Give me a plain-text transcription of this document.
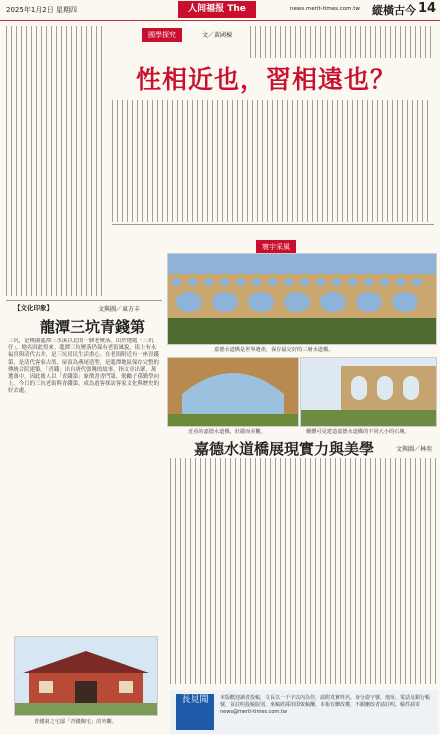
2025年1月2日 星期四	人间福报 The Merit Times
news.merit-times.com.tw 縱橫古今 14
國學探究	文／黃國棟
性相近也，習相遠也？
寰宇采風
嘉德水道橋是世界遺產，保存最完好的三層水道橋。
近看的嘉德水道橋，壯麗而美觀。	橋體可見建造嘉德水道橋的不同大小的石塊。
嘉德水道橋展現實力與美學	文與圖／林奕
【文化印象】	文與圖／東方丰
龍潭三坑青錢第
三坑，是桃園龍潭三水溪以北的一個老聚落。由於地處「三坑仔」，地名因此得來。龍潭三坑聚落仍保有老街風貌，街上有永福宮與清代古井，是三坑居民生活重心。在老街附近有一座青錢第，是清代客家古厝，屋頂為燕尾造型，是龍潭地區保存完整的傳統合院建築。「青錢」出自唐代張鷟的故事，指文章出眾，萬選萬中，因此後人以「青錢第」象徵書香門第，勉勵子孫勤學向上。今日的三坑老街與青錢第，成為遊客探訪客家文化與歷史的好去處。
青錢第之宅邸「青錢陶宅」的外觀。
長見聞	本版歡迎讀者投稿，文長以一千字以內為佳，請附真實姓名、身分證字號、地址、電話及銀行帳號，並註明投稿版別。來稿經採用即致稿酬，本報有刪改權，不願刪改者請註明。稿件請寄 news@merit-times.com.tw
